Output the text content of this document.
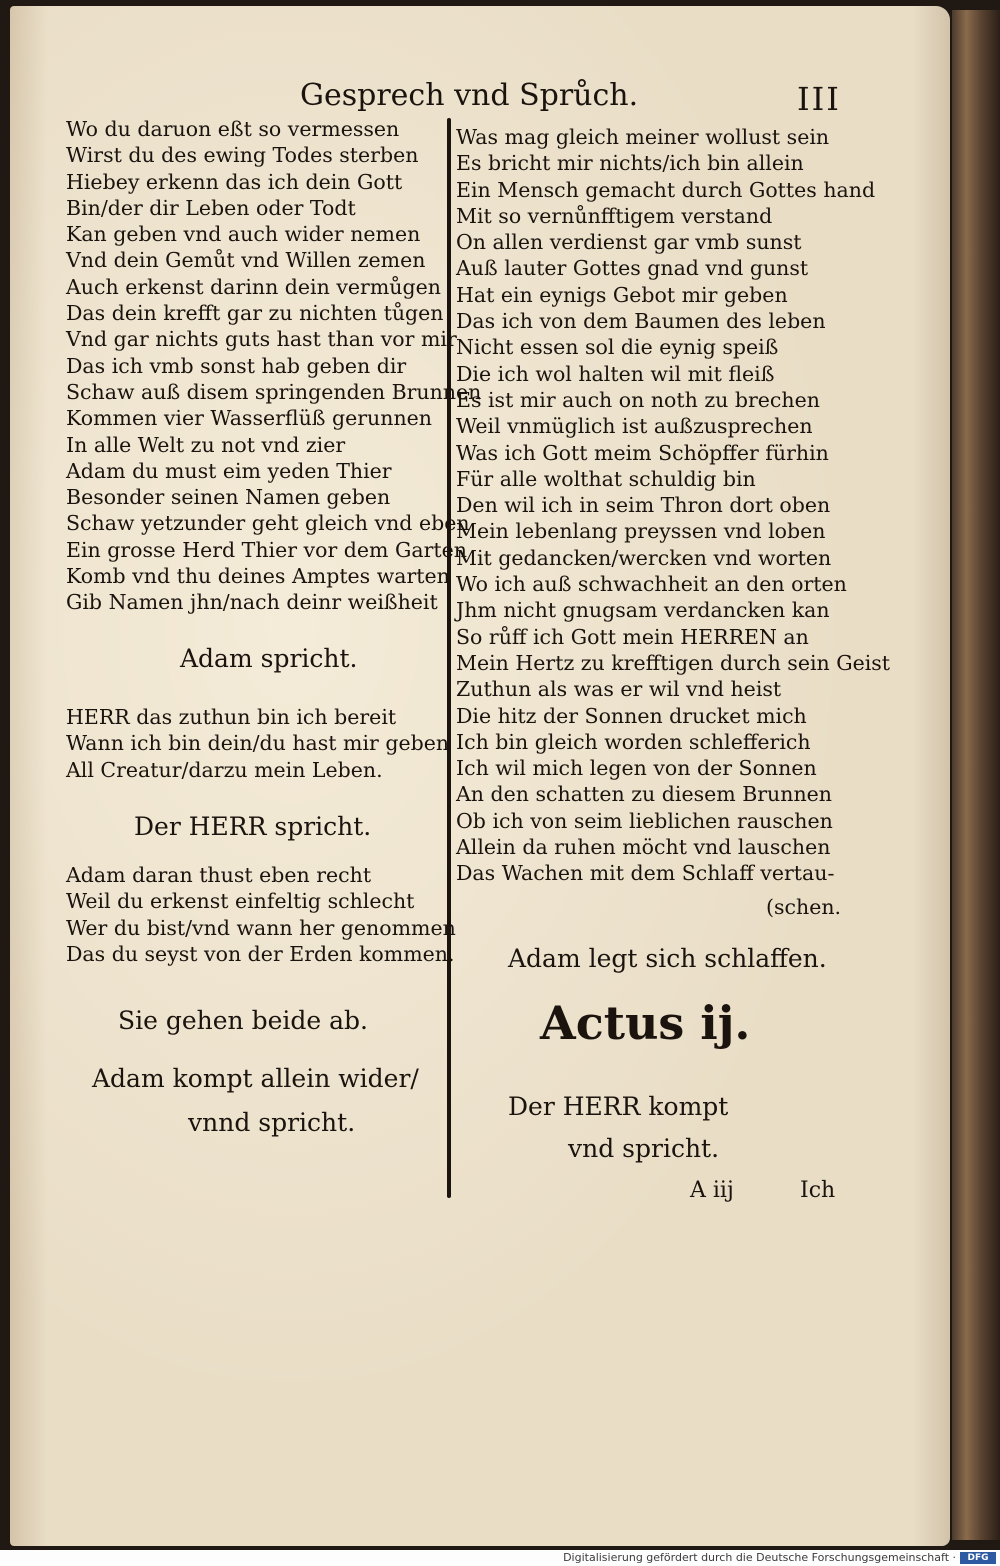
Gesprech vnd Sprůch.	III
Wo du daruon eßt so vermessen
Wirst du des ewing Todes sterben
Hiebey erkenn das ich dein Gott
Bin/der dir Leben oder Todt
Kan geben vnd auch wider nemen
Vnd dein Gemůt vnd Willen zemen
Auch erkenst darinn dein vermůgen
Das dein krefft gar zu nichten tůgen
Vnd gar nichts guts hast than vor mir
Das ich vmb sonst hab geben dir
Schaw auß disem springenden Brunnen
Kommen vier Wasserflüß gerunnen
In alle Welt zu not vnd zier
Adam du must eim yeden Thier
Besonder seinen Namen geben
Schaw yetzunder geht gleich vnd eben
Ein grosse Herd Thier vor dem Garten
Komb vnd thu deines Amptes warten
Gib Namen jhn/nach deinr weißheit
Adam spricht.
HERR das zuthun bin ich bereit
Wann ich bin dein/du hast mir geben
All Creatur/darzu mein Leben.
Der HERR spricht.
Adam daran thust eben recht
Weil du erkenst einfeltig schlecht
Wer du bist/vnd wann her genommen
Das du seyst von der Erden kommen.
Sie gehen beide ab.
Adam kompt allein wider/
vnnd spricht.
Was mag gleich meiner wollust sein
Es bricht mir nichts/ich bin allein
Ein Mensch gemacht durch Gottes hand
Mit so vernůnfftigem verstand
On allen verdienst gar vmb sunst
Auß lauter Gottes gnad vnd gunst
Hat ein eynigs Gebot mir geben
Das ich von dem Baumen des leben
Nicht essen sol die eynig speiß
Die ich wol halten wil mit fleiß
Es ist mir auch on noth zu brechen
Weil vnmüglich ist außzusprechen
Was ich Gott meim Schöpffer fürhin
Für alle wolthat schuldig bin
Den wil ich in seim Thron dort oben
Mein lebenlang preyssen vnd loben
Mit gedancken/wercken vnd worten
Wo ich auß schwachheit an den orten
Jhm nicht gnugsam verdancken kan
So růff ich Gott mein HERREN an
Mein Hertz zu krefftigen durch sein Geist
Zuthun als was er wil vnd heist
Die hitz der Sonnen drucket mich
Ich bin gleich worden schlefferich
Ich wil mich legen von der Sonnen
An den schatten zu diesem Brunnen
Ob ich von seim lieblichen rauschen
Allein da ruhen möcht vnd lauschen
Das Wachen mit dem Schlaff vertau-
(schen.
Adam legt sich schlaffen.
Actus ij.
Der HERR kompt
vnd spricht.
A iij	Ich
Digitalisierung gefördert durch die Deutsche Forschungsgemeinschaft ·	DFG
